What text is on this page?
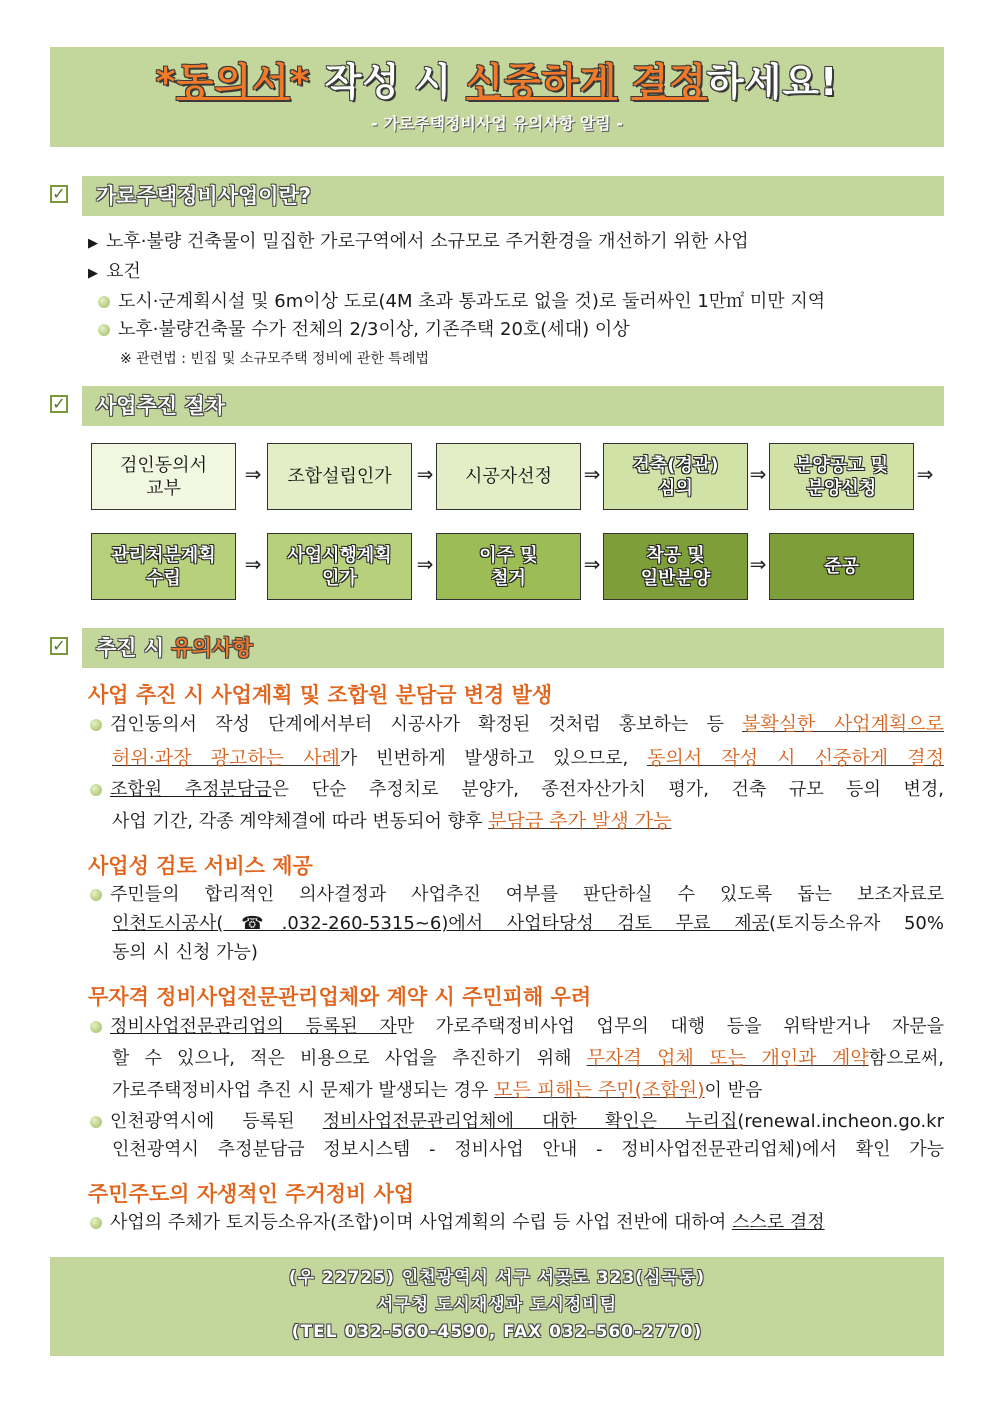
*동의서* 작성 시 신중하게 결정하세요!
- 가로주택정비사업 유의사항 알림 -
✓	가로주택정비사업이란?
▶ 노후·불량 건축물이 밀집한 가로구역에서 소규모로 주거환경을 개선하기 위한 사업
▶ 요건
도시·군계획시설 및 6m이상 도로(4M 초과 통과도로 없을 것)로 둘러싸인 1만㎡ 미만 지역
노후·불량건축물 수가 전체의 2/3이상, 기존주택 20호(세대) 이상
※ 관련법 : 빈집 및 소규모주택 정비에 관한 특례법
✓	사업추진 절차
검인동의서
교부
⇒	조합설립인가	⇒	시공자선정	⇒	건축(경관)
심의
⇒	분양공고 및
분양신청
⇒
관리처분계획
수립
⇒	사업시행계획
인가
⇒	이주 및
철거
⇒	착공 및
일반분양
⇒	준공
✓	추진 시 유의사항
사업 추진 시 사업계획 및 조합원 분담금 변경 발생
검인동의서 작성 단계에서부터 시공사가 확정된 것처럼 홍보하는 등 불확실한 사업계획으로
허위·과장 광고하는 사례가 빈번하게 발생하고 있으므로, 동의서 작성 시 신중하게 결정
조합원 추정분담금은 단순 추정치로 분양가, 종전자산가치 평가, 건축 규모 등의 변경,
사업 기간, 각종 계약체결에 따라 변동되어 향후 분담금 추가 발생 가능
사업성 검토 서비스 제공
주민들의 합리적인 의사결정과 사업추진 여부를 판단하실 수 있도록 돕는 보조자료로
인천도시공사(☎.032-260-5315~6)에서 사업타당성 검토 무료 제공(토지등소유자 50%
동의 시 신청 가능)
무자격 정비사업전문관리업체와 계약 시 주민피해 우려
정비사업전문관리업의 등록된 자만 가로주택정비사업 업무의 대행 등을 위탁받거나 자문을
할 수 있으나, 적은 비용으로 사업을 추진하기 위해 무자격 업체 또는 개인과 계약함으로써,
가로주택정비사업 추진 시 문제가 발생되는 경우 모든 피해는 주민(조합원)이 받음
인천광역시에 등록된 정비사업전문관리업체에 대한 확인은 누리집(renewal.incheon.go.kr
인천광역시 추정분담금 정보시스템 - 정비사업 안내 - 정비사업전문관리업체)에서 확인 가능
주민주도의 자생적인 주거정비 사업
사업의 주체가 토지등소유자(조합)이며 사업계획의 수립 등 사업 전반에 대하여 스스로 결정
(우 22725) 인천광역시 서구 서곶로 323(심곡동)
서구청 도시재생과 도시정비팀
(TEL 032-560-4590, FAX 032-560-2770)
